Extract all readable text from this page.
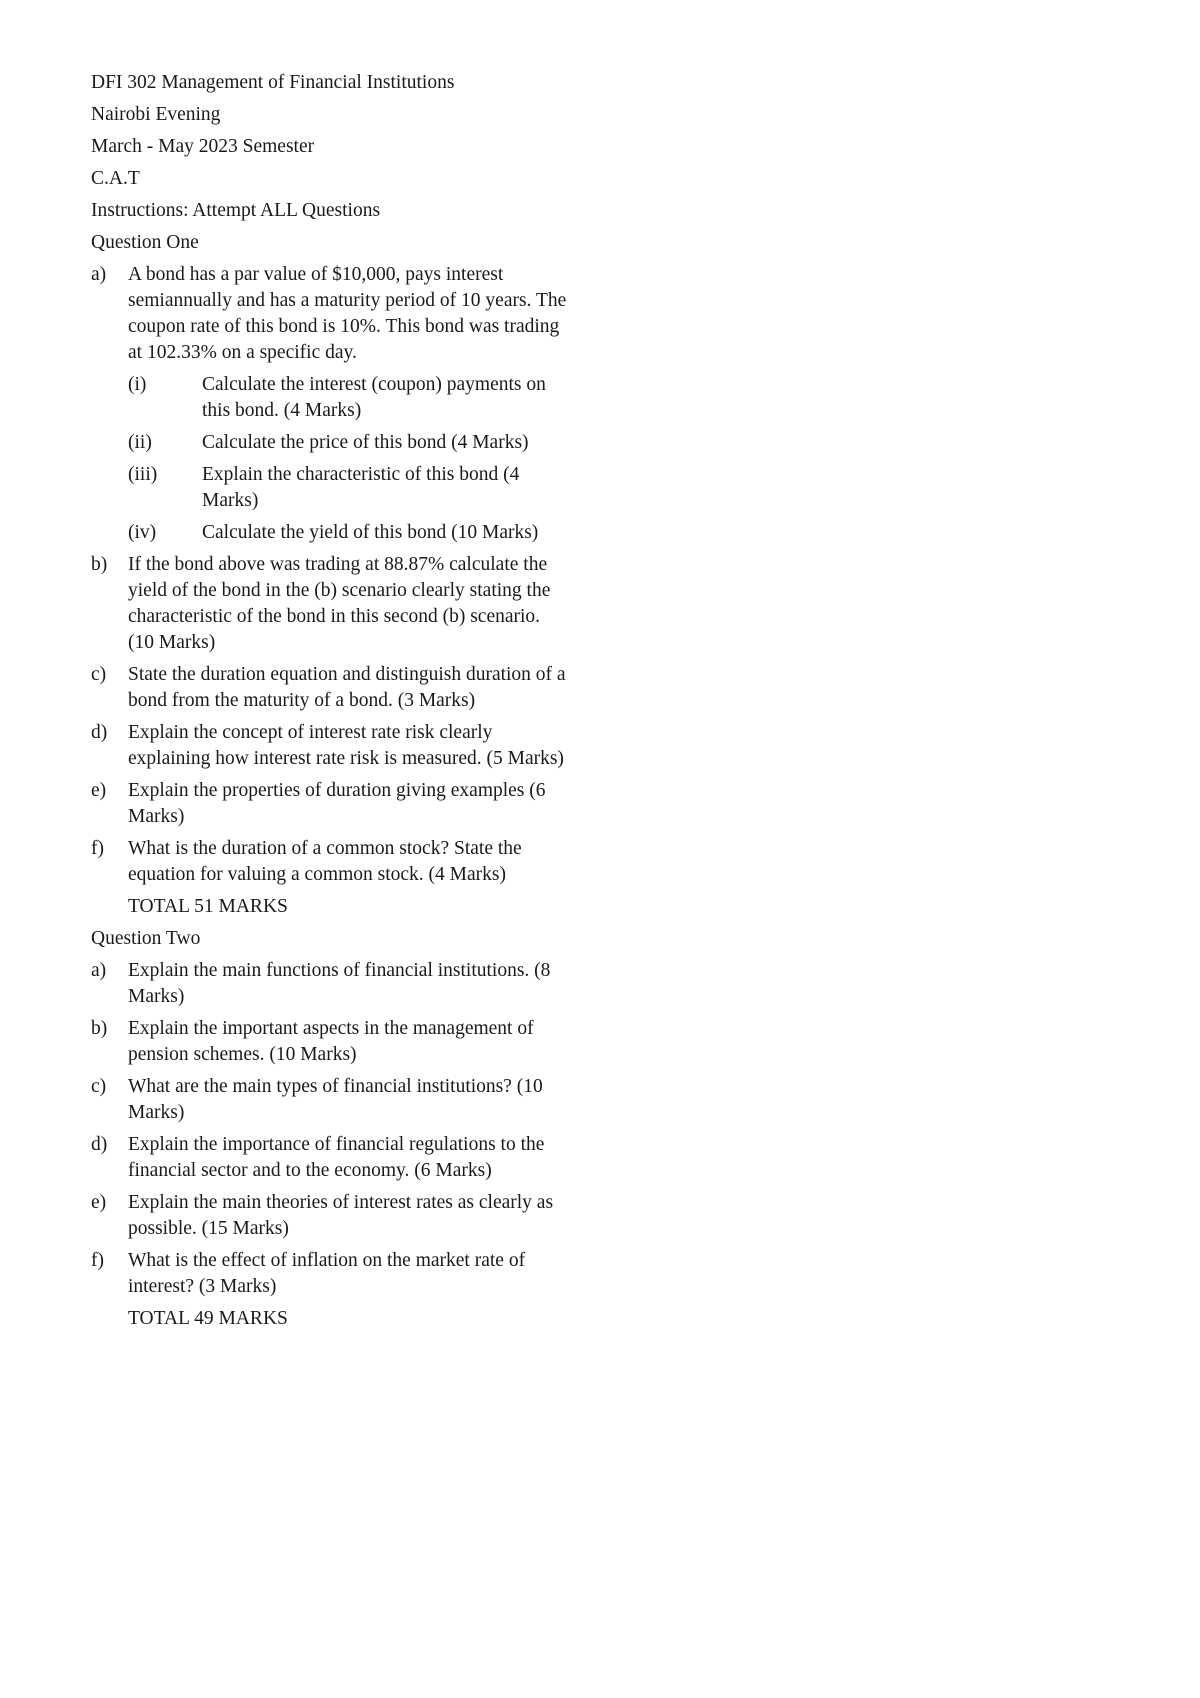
DFI 302 Management of Financial Institutions
Nairobi Evening
March - May 2023 Semester
C.A.T
Instructions: Attempt ALL Questions
Question One
a) A bond has a par value of $10,000, pays interest semiannually and has a maturity period of 10 years. The coupon rate of this bond is 10%. This bond was trading at 102.33% on a specific day.
(i)	Calculate the interest (coupon) payments on this bond. (4 Marks)
(ii)	Calculate the price of this bond (4 Marks)
(iii) Explain the characteristic of this bond (4 Marks)
(iv) Calculate the yield of this bond (10 Marks)
b) If the bond above was trading at 88.87% calculate the yield of the bond in the (b) scenario clearly stating the characteristic of the bond in this second (b) scenario. (10 Marks)
c) State the duration equation and distinguish duration of a bond from the maturity of a bond. (3 Marks)
d) Explain the concept of interest rate risk clearly explaining how interest rate risk is measured. (5 Marks)
e) Explain the properties of duration giving examples (6 Marks)
f) What is the duration of a common stock? State the equation for valuing a common stock. (4 Marks)
TOTAL 51 MARKS
Question Two
a) Explain the main functions of financial institutions. (8 Marks)
b) Explain the important aspects in the management of pension schemes. (10 Marks)
c) What are the main types of financial institutions? (10 Marks)
d) Explain the importance of financial regulations to the financial sector and to the economy. (6 Marks)
e) Explain the main theories of interest rates as clearly as possible. (15 Marks)
f) What is the effect of inflation on the market rate of interest? (3 Marks)
TOTAL 49 MARKS
